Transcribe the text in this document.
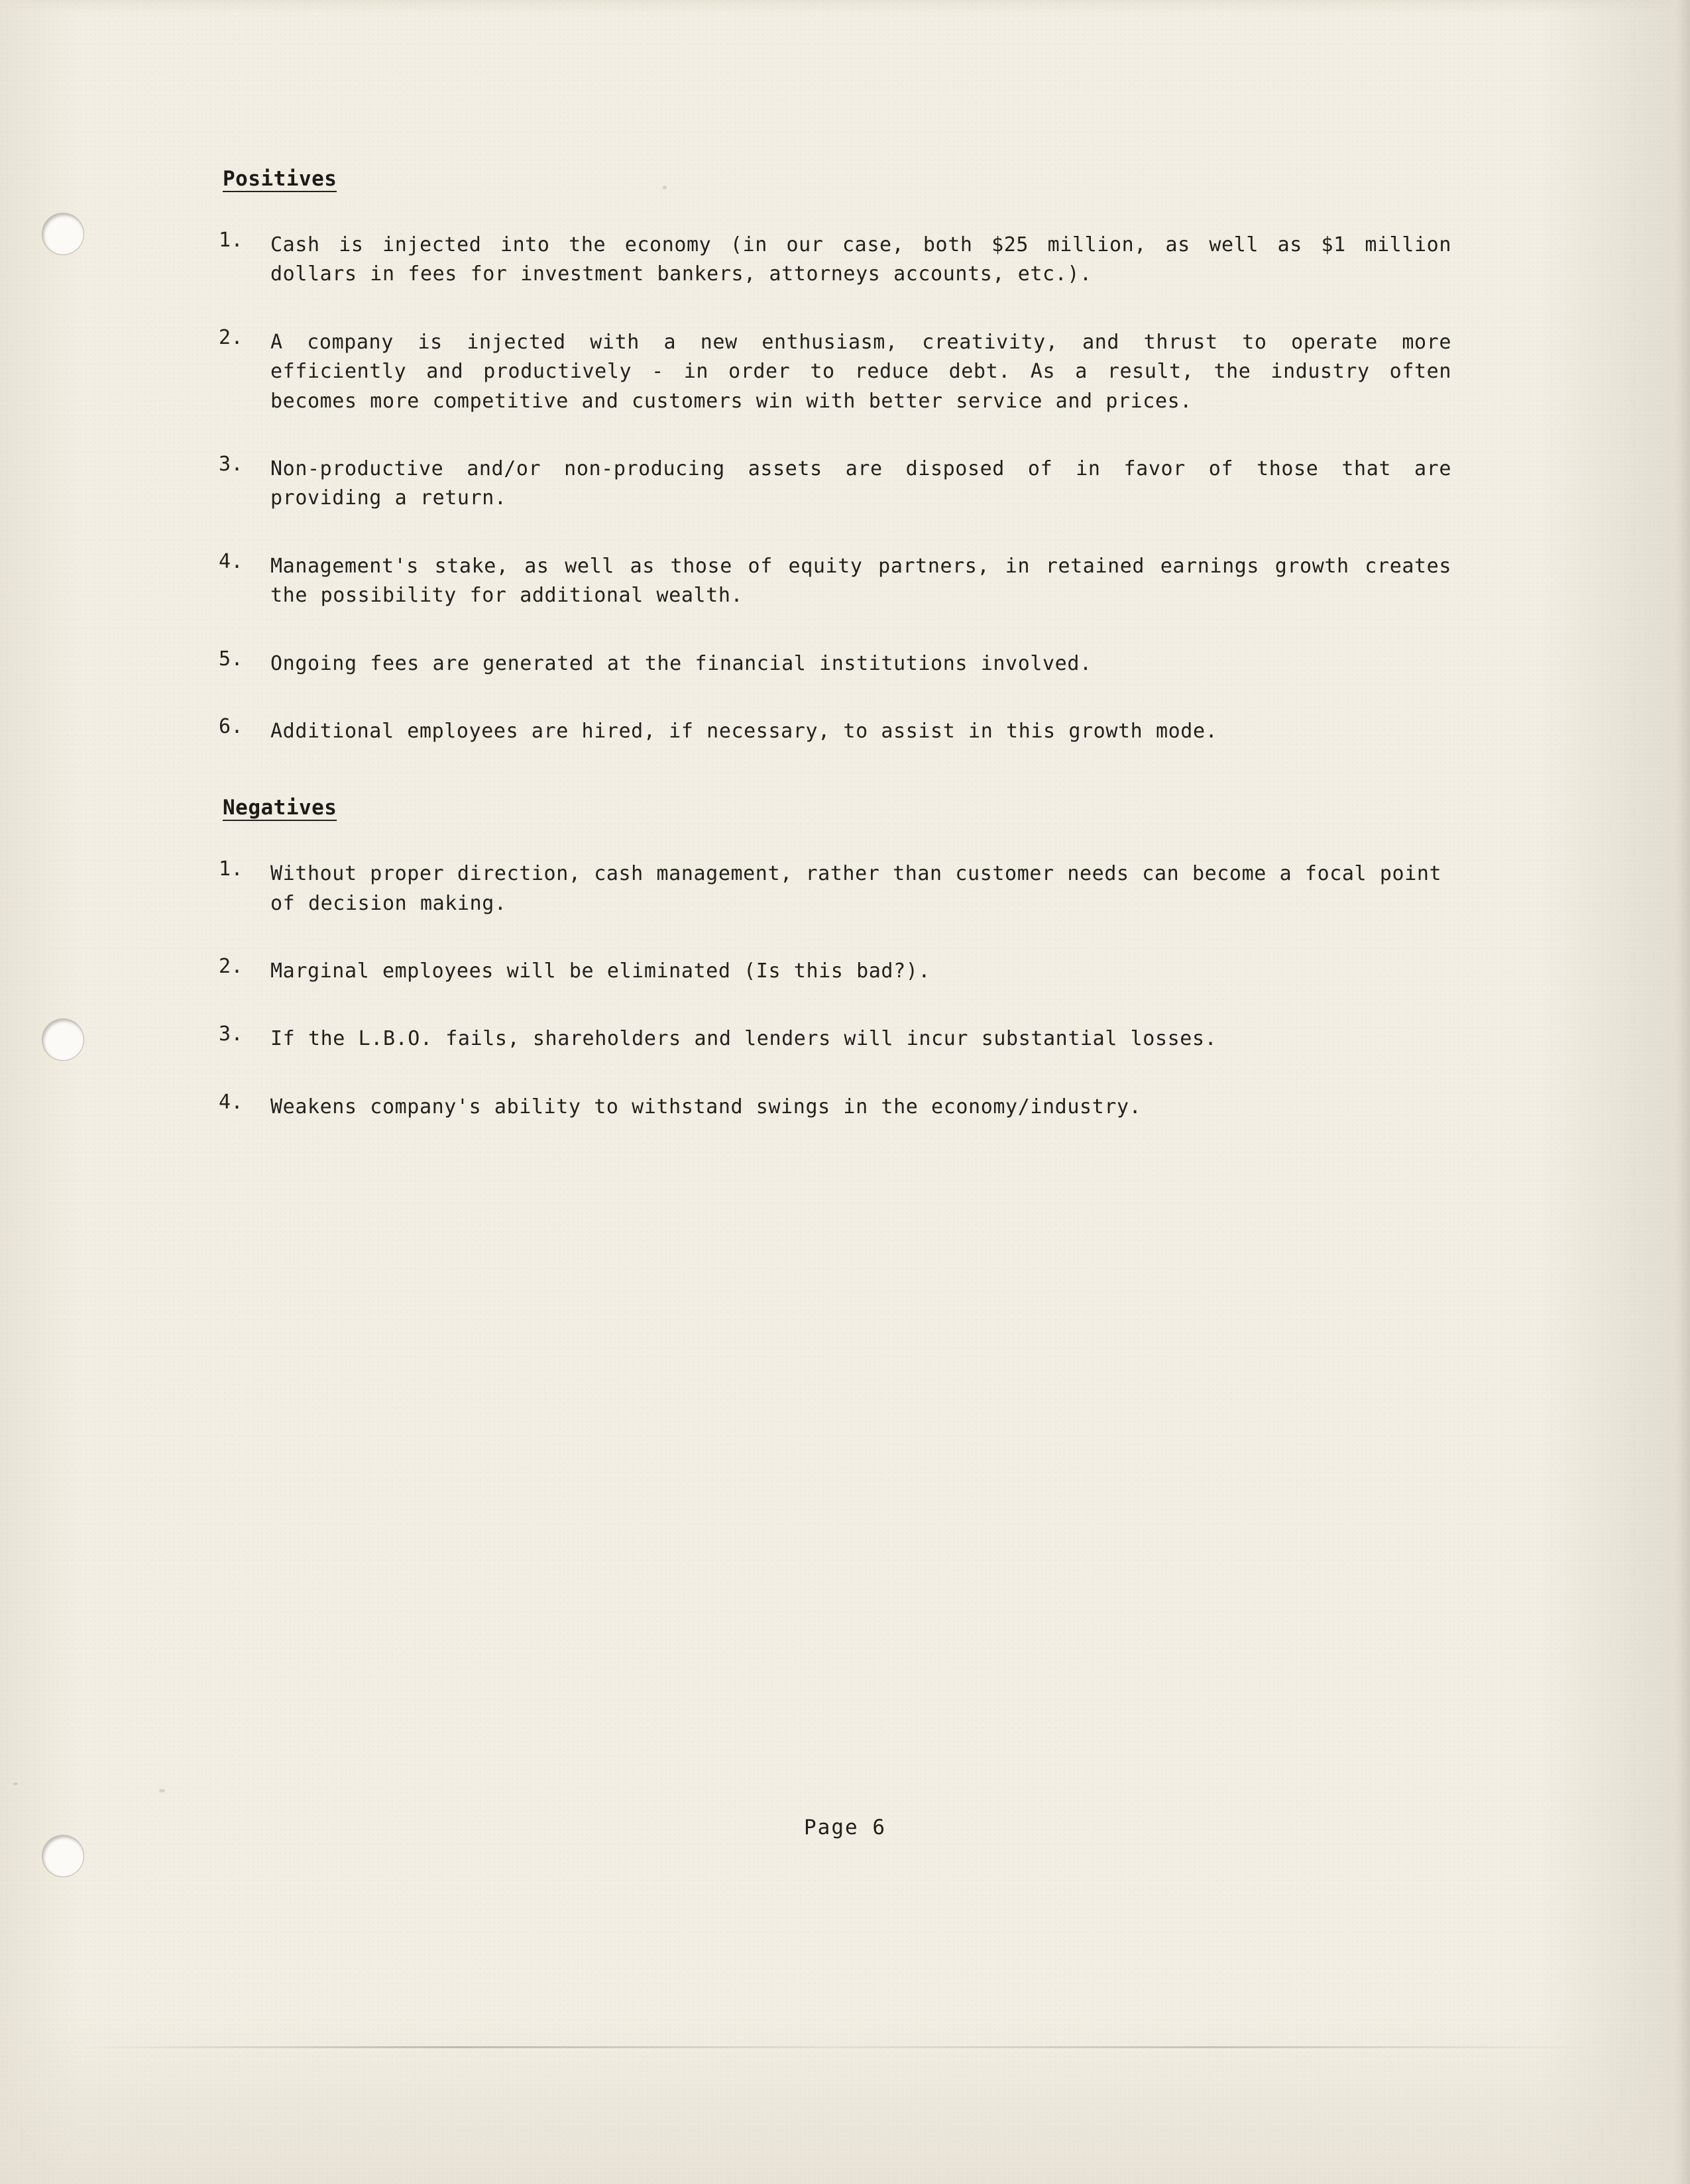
Positives
1.	Cash is injected into the economy (in our case, both $25 million, as well as $1 million dollars in fees for investment bankers, attorneys accounts, etc.).
2.	A company is injected with a new enthusiasm, creativity, and thrust to operate more efficiently and productively - in order to reduce debt. As a result, the industry often becomes more competitive and customers win with better service and prices.
3.	Non-productive and/or non-producing assets are disposed of in favor of those that are providing a return.
4.	Management's stake, as well as those of equity partners, in retained earnings growth creates the possibility for additional wealth.
5.	Ongoing fees are generated at the financial institutions involved.
6.	Additional employees are hired, if necessary, to assist in this growth mode.
Negatives
1.	Without proper direction, cash management, rather than customer needs can become a focal point of decision making.
2.	Marginal employees will be eliminated (Is this bad?).
3.	If the L.B.O. fails, shareholders and lenders will incur substantial losses.
4.	Weakens company's ability to withstand swings in the economy/industry.
Page 6
